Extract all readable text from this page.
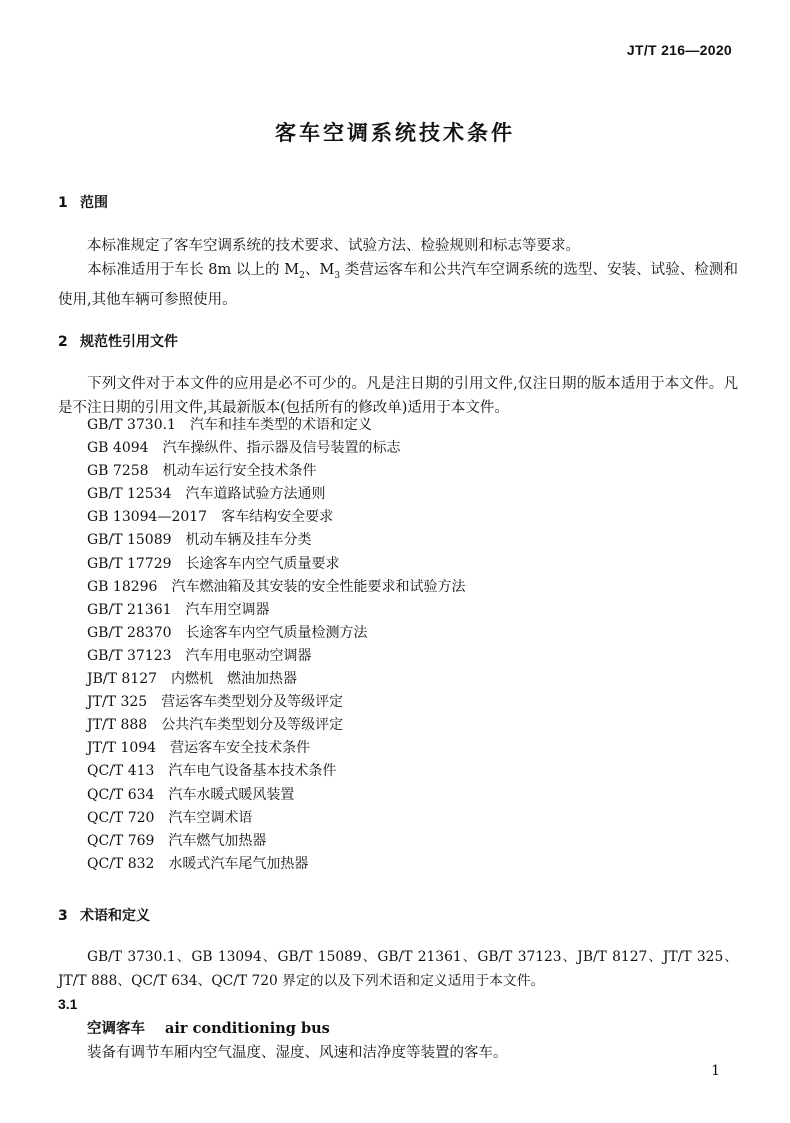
JT/T 216—2020
客车空调系统技术条件
1 范围
本标准规定了客车空调系统的技术要求、试验方法、检验规则和标志等要求。
本标准适用于车长 8m 以上的 $M_2$、$M_3$ 类营运客车和公共汽车空调系统的选型、安装、试验、检测和使用,其他车辆可参照使用。
2 规范性引用文件
下列文件对于本文件的应用是必不可少的。凡是注日期的引用文件,仅注日期的版本适用于本文件。凡是不注日期的引用文件,其最新版本(包括所有的修改单)适用于本文件。
GB/T 3730.1 汽车和挂车类型的术语和定义
GB 4094 汽车操纵件、指示器及信号装置的标志
GB 7258 机动车运行安全技术条件
GB/T 12534 汽车道路试验方法通则
GB 13094—2017 客车结构安全要求
GB/T 15089 机动车辆及挂车分类
GB/T 17729 长途客车内空气质量要求
GB 18296 汽车燃油箱及其安装的安全性能要求和试验方法
GB/T 21361 汽车用空调器
GB/T 28370 长途客车内空气质量检测方法
GB/T 37123 汽车用电驱动空调器
JB/T 8127 内燃机　燃油加热器
JT/T 325 营运客车类型划分及等级评定
JT/T 888 公共汽车类型划分及等级评定
JT/T 1094 营运客车安全技术条件
QC/T 413 汽车电气设备基本技术条件
QC/T 634 汽车水暖式暖风装置
QC/T 720 汽车空调术语
QC/T 769 汽车燃气加热器
QC/T 832 水暖式汽车尾气加热器
3 术语和定义
GB/T 3730.1、GB 13094、GB/T 15089、GB/T 21361、GB/T 37123、JB/T 8127、JT/T 325、JT/T 888、QC/T 634、QC/T 720 界定的以及下列术语和定义适用于本文件。
3.1
空调客车 air conditioning bus
装备有调节车厢内空气温度、湿度、风速和洁净度等装置的客车。
1
